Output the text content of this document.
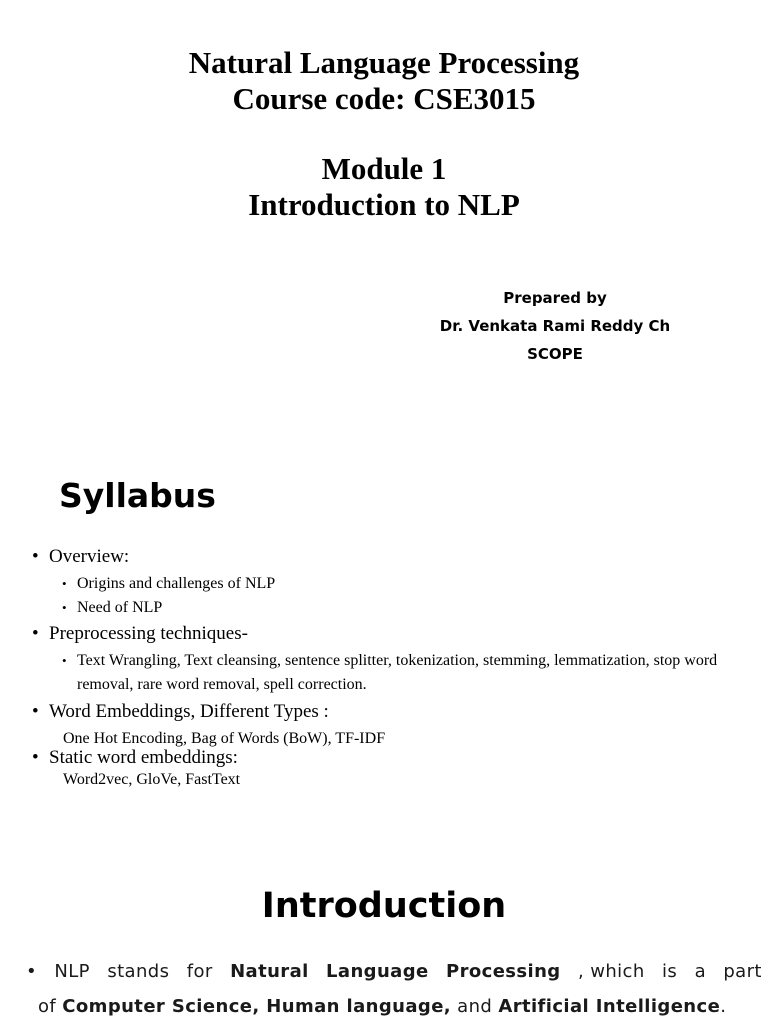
Natural Language Processing
Course code: CSE3015
Module 1
Introduction to NLP
Prepared by
Dr. Venkata Rami Reddy Ch
SCOPE
Syllabus
• Overview:
• Origins and challenges of NLP
• Need of NLP
• Preprocessing techniques-
• Text Wrangling, Text cleansing, sentence splitter, tokenization, stemming, lemmatization, stop word removal, rare word removal, spell correction.
• Word Embeddings, Different Types :
One Hot Encoding, Bag of Words (BoW), TF-IDF
• Static word embeddings:
Word2vec, GloVe, FastText
Introduction
• NLP stands for Natural Language Processing , which is a part
of Computer Science, Human language, and Artificial Intelligence.
